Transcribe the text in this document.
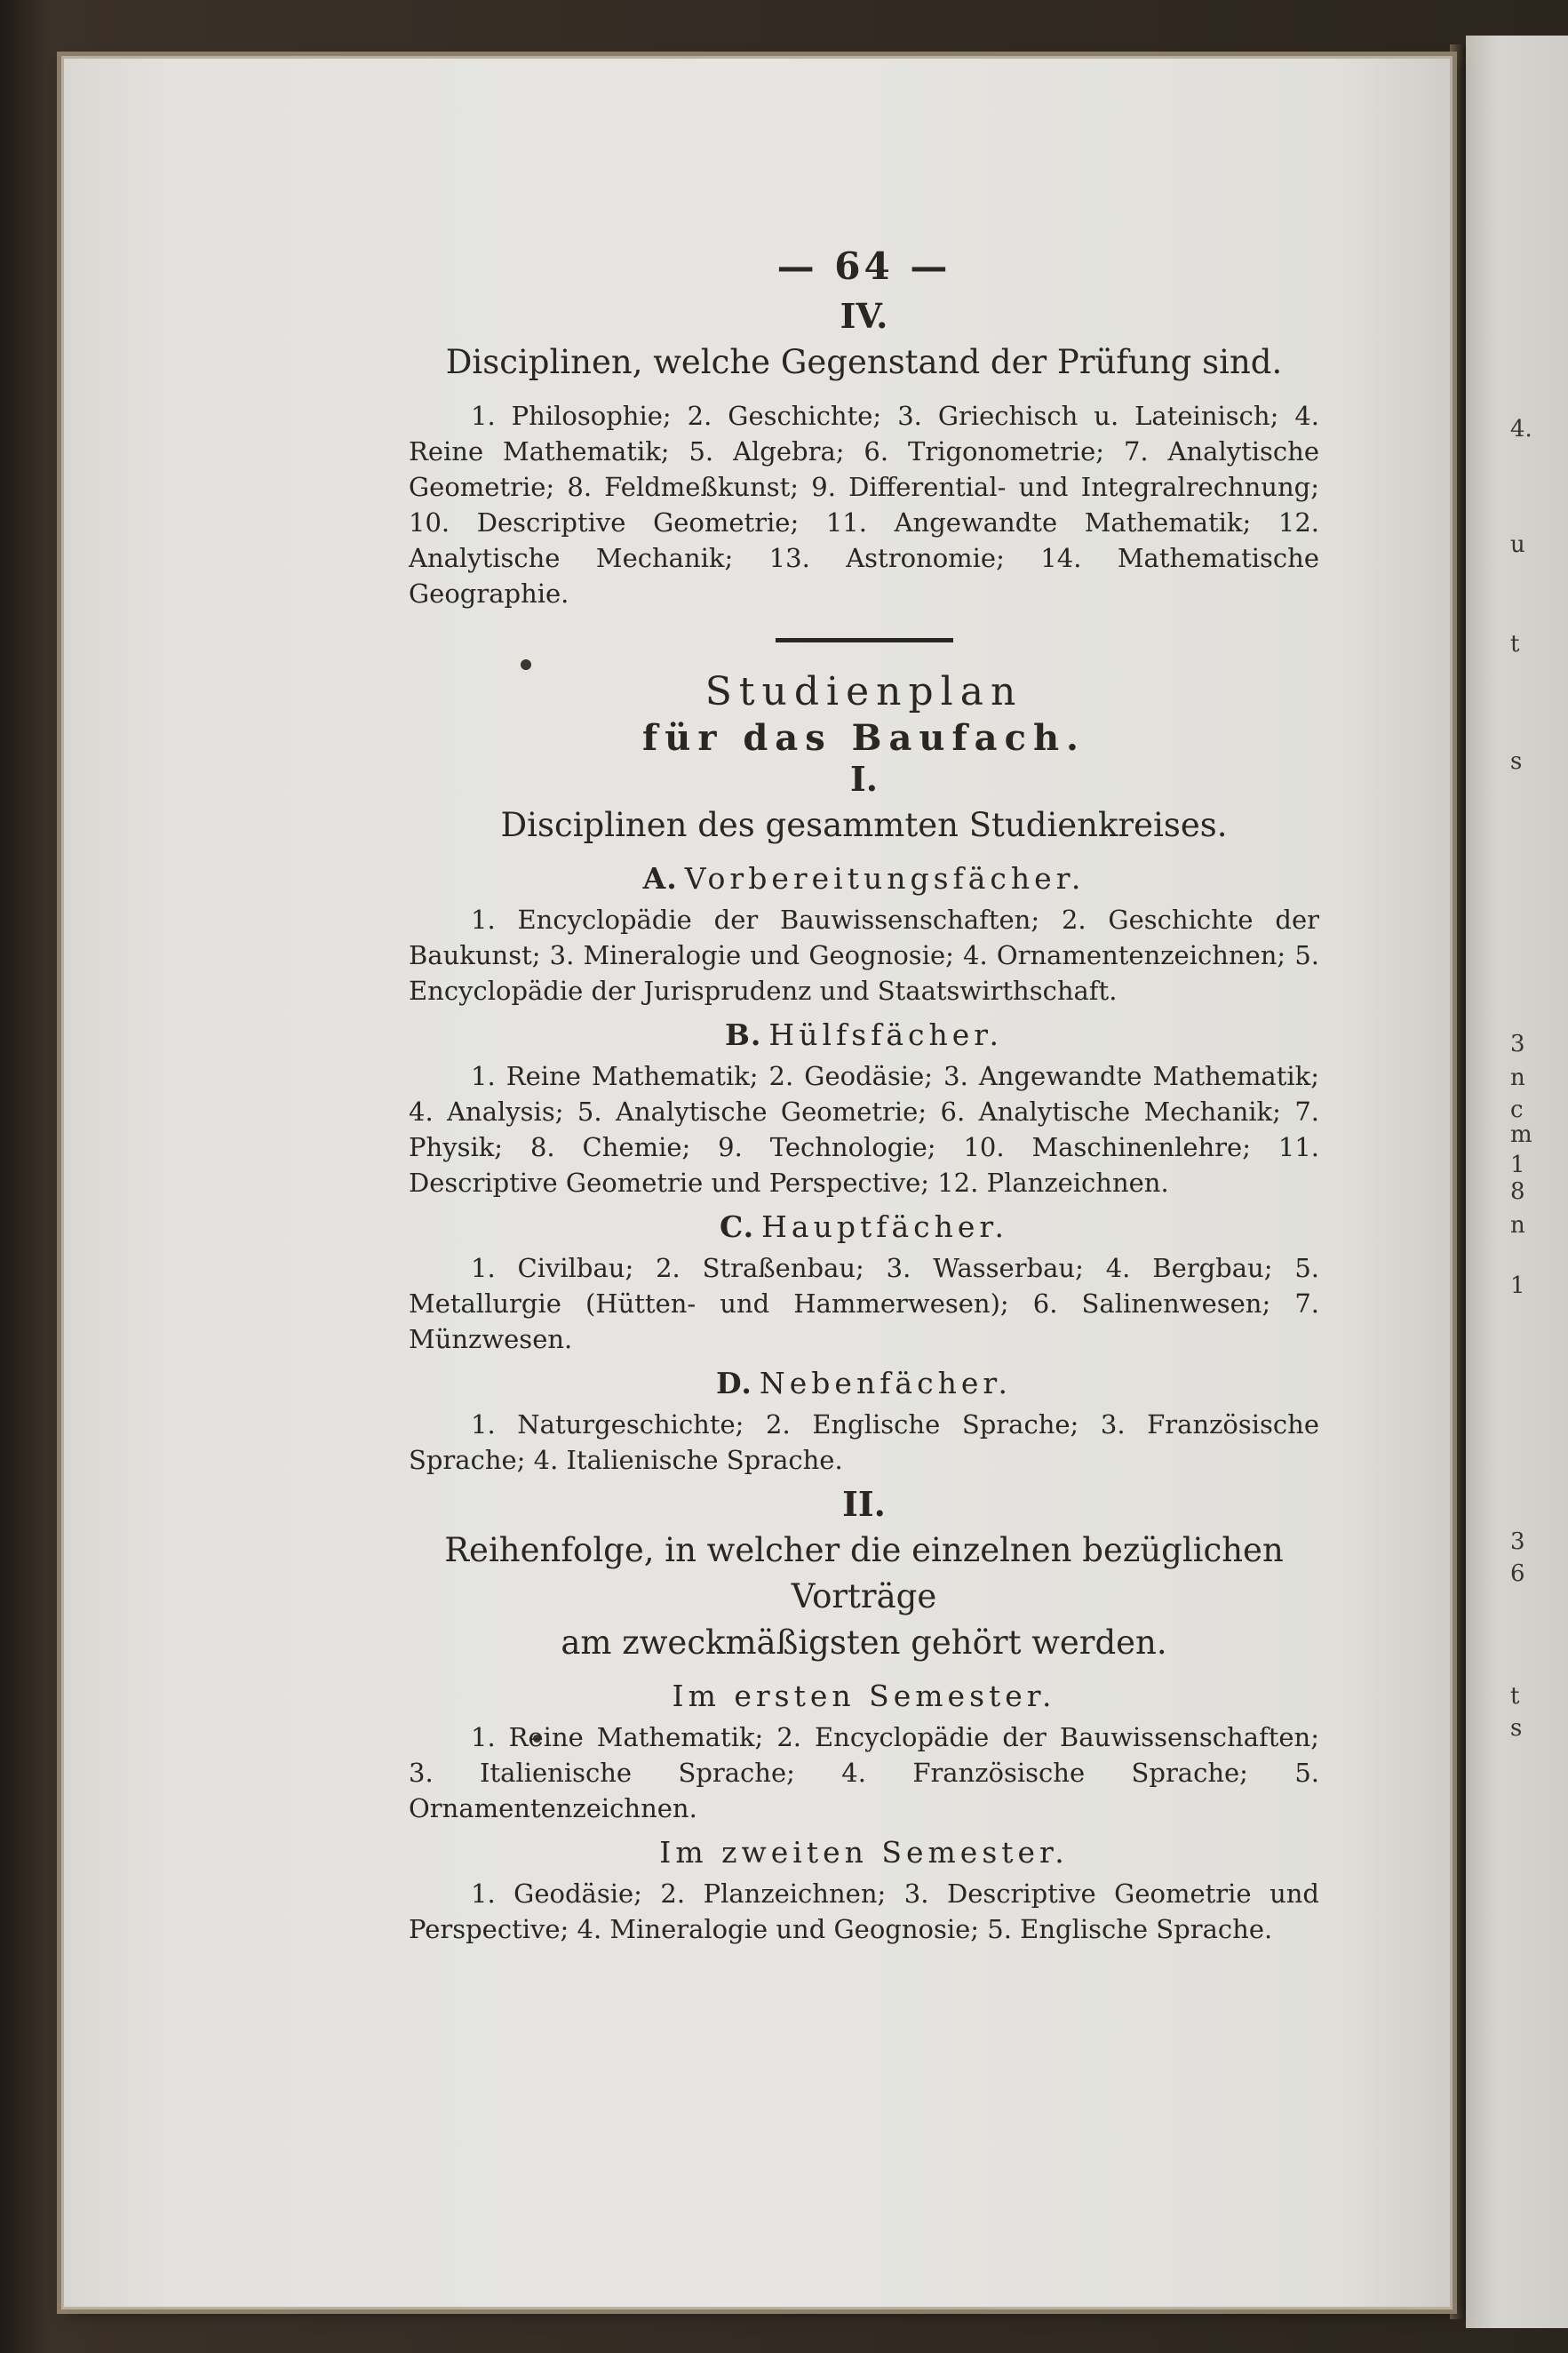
4.
u
t
s
3
n
c
m
1
8
n
1
3
6
t
s
— 64 —
IV.
Disciplinen, welche Gegenstand der Prüfung sind.

1. Philosophie; 2. Geschichte; 3. Griechisch u. Lateinisch; 4. Reine Mathematik; 5. Algebra; 6. Trigonometrie; 7. Analytische Geometrie; 8. Feldmeßkunst; 9. Differential- und Integralrechnung; 10. Descriptive Geometrie; 11. Angewandte Mathematik; 12. Analytische Mechanik; 13. Astronomie; 14. Mathematische Geographie.

Studienplan
für das Baufach.
I.
Disciplinen des gesammten Studienkreises.
A. Vorbereitungsfächer.

1. Encyclopädie der Bauwissenschaften; 2. Geschichte der Baukunst; 3. Mineralogie und Geognosie; 4. Ornamentenzeichnen; 5. Encyclopädie der Jurisprudenz und Staatswirthschaft.

B. Hülfsfächer.

1. Reine Mathematik; 2. Geodäsie; 3. Angewandte Mathematik; 4. Analysis; 5. Analytische Geometrie; 6. Analytische Mechanik; 7. Physik; 8. Chemie; 9. Technologie; 10. Maschinenlehre; 11. Descriptive Geometrie und Perspective; 12. Planzeichnen.

C. Hauptfächer.

1. Civilbau; 2. Straßenbau; 3. Wasserbau; 4. Bergbau; 5. Metallurgie (Hütten- und Hammerwesen); 6. Salinenwesen; 7. Münzwesen.

D. Nebenfächer.

1. Naturgeschichte; 2. Englische Sprache; 3. Französische Sprache; 4. Italienische Sprache.

II.
Reihenfolge, in welcher die einzelnen bezüglichen Vorträge
am zweckmäßigsten gehört werden.
Im ersten Semester.

1. Reine Mathematik; 2. Encyclopädie der Bauwissenschaften; 3. Italienische Sprache; 4. Französische Sprache; 5. Ornamentenzeichnen.

Im zweiten Semester.

1. Geodäsie; 2. Planzeichnen; 3. Descriptive Geometrie und Perspective; 4. Mineralogie und Geognosie; 5. Englische Sprache.
